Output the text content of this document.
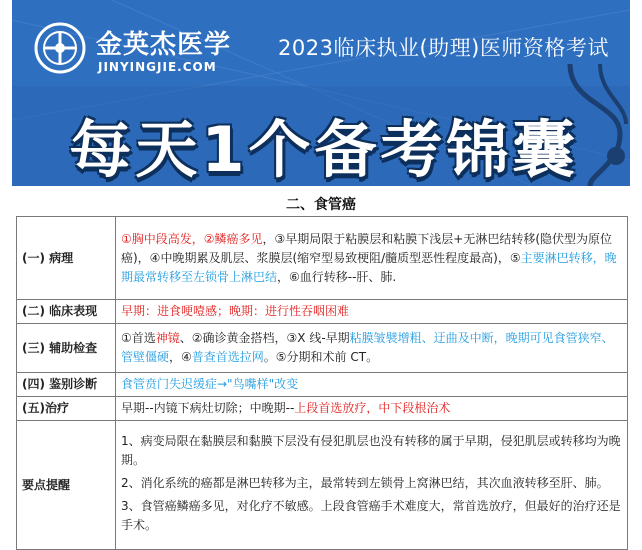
金英杰医学
JINYINGJIE.COM
2023临床执业(助理)医师资格考试
每天1个备考锦囊
二、食管癌
(一) 病理	①胸中段高发，②鳞癌多见，③早期局限于粘膜层和粘膜下浅层+无淋巴结转移(隐伏型为原位癌)，④中晚期累及肌层、浆膜层(缩窄型易致梗阻/髓质型恶性程度最高)，⑤主要淋巴转移，晚期最常转移至左锁骨上淋巴结，⑥血行转移--肝、肺.
(二) 临床表现	早期：进食哽噎感；晚期：进行性吞咽困难
(三) 辅助检查	①首选神镜、②确诊黄金搭档，③X 线-早期粘膜皱襞增粗、迂曲及中断，晚期可见食管狭窄、管壁僵硬，④普查首选拉网。⑤分期和术前 CT。
(四) 鉴别诊断	食管贲门失迟缓症→"鸟嘴样"改变
(五)治疗	早期--内镜下病灶切除；中晚期--上段首选放疗，中下段根治术
要点提醒	1、病变局限在黏膜层和黏膜下层没有侵犯肌层也没有转移的属于早期，侵犯肌层或转移均为晚期。

2、消化系统的癌都是淋巴转移为主，最常转到左锁骨上窝淋巴结，其次血液转移至肝、肺。

3、食管癌鳞癌多见，对化疗不敏感。上段食管癌手术难度大，常首选放疗，但最好的治疗还是手术。
